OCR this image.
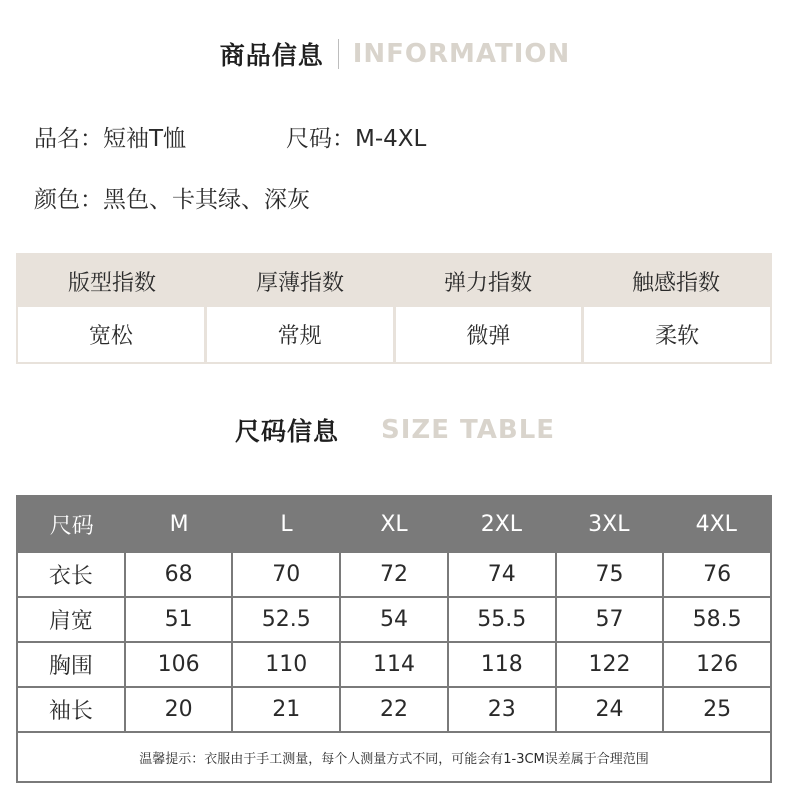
商品信息 INFORMATION
品名：短袖T恤	尺码：M-4XL
颜色：黑色、卡其绿、深灰
版型指数	厚薄指数	弹力指数	触感指数
宽松	常规	微弹	柔软
尺码信息 SIZE TABLE
尺码	M	L	XL	2XL	3XL	4XL
衣长	68	70	72	74	75	76
肩宽	51	52.5	54	55.5	57	58.5
胸围	106	110	114	118	122	126
袖长	20	21	22	23	24	25
温馨提示：衣服由于手工测量，每个人测量方式不同，可能会有1-3CM误差属于合理范围
